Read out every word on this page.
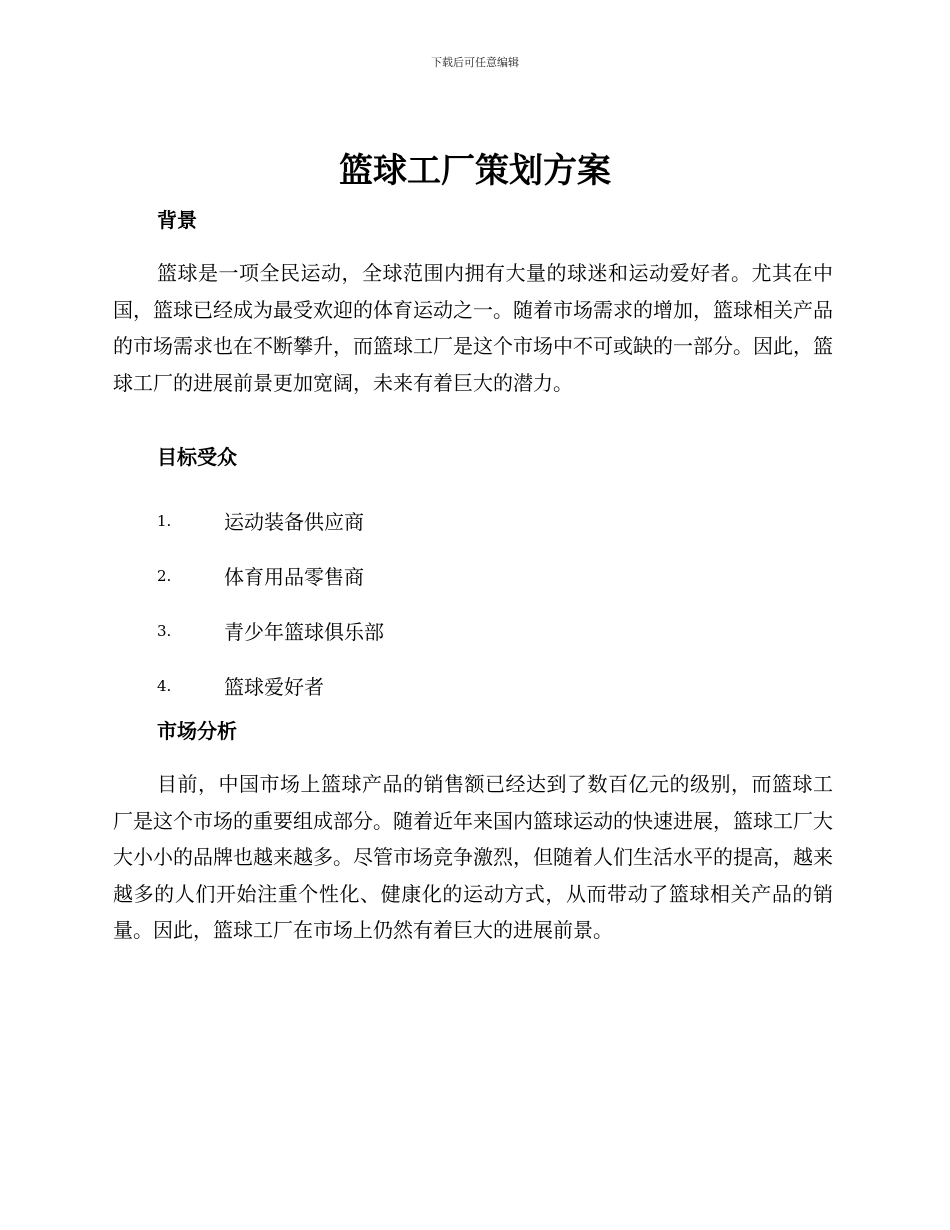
下载后可任意编辑
篮球工厂策划方案
背景

篮球是一项全民运动，全球范围内拥有大量的球迷和运动爱好者。尤其在中国，篮球已经成为最受欢迎的体育运动之一。随着市场需求的增加，篮球相关产品的市场需求也在不断攀升，而篮球工厂是这个市场中不可或缺的一部分。因此，篮球工厂的进展前景更加宽阔，未来有着巨大的潜力。

目标受众
1.	运动装备供应商
2.	体育用品零售商
3.	青少年篮球俱乐部
4.	篮球爱好者
市场分析

目前，中国市场上篮球产品的销售额已经达到了数百亿元的级别，而篮球工厂是这个市场的重要组成部分。随着近年来国内篮球运动的快速进展，篮球工厂大大小小的品牌也越来越多。尽管市场竞争激烈，但随着人们生活水平的提高，越来越多的人们开始注重个性化、健康化的运动方式，从而带动了篮球相关产品的销量。因此，篮球工厂在市场上仍然有着巨大的进展前景。
